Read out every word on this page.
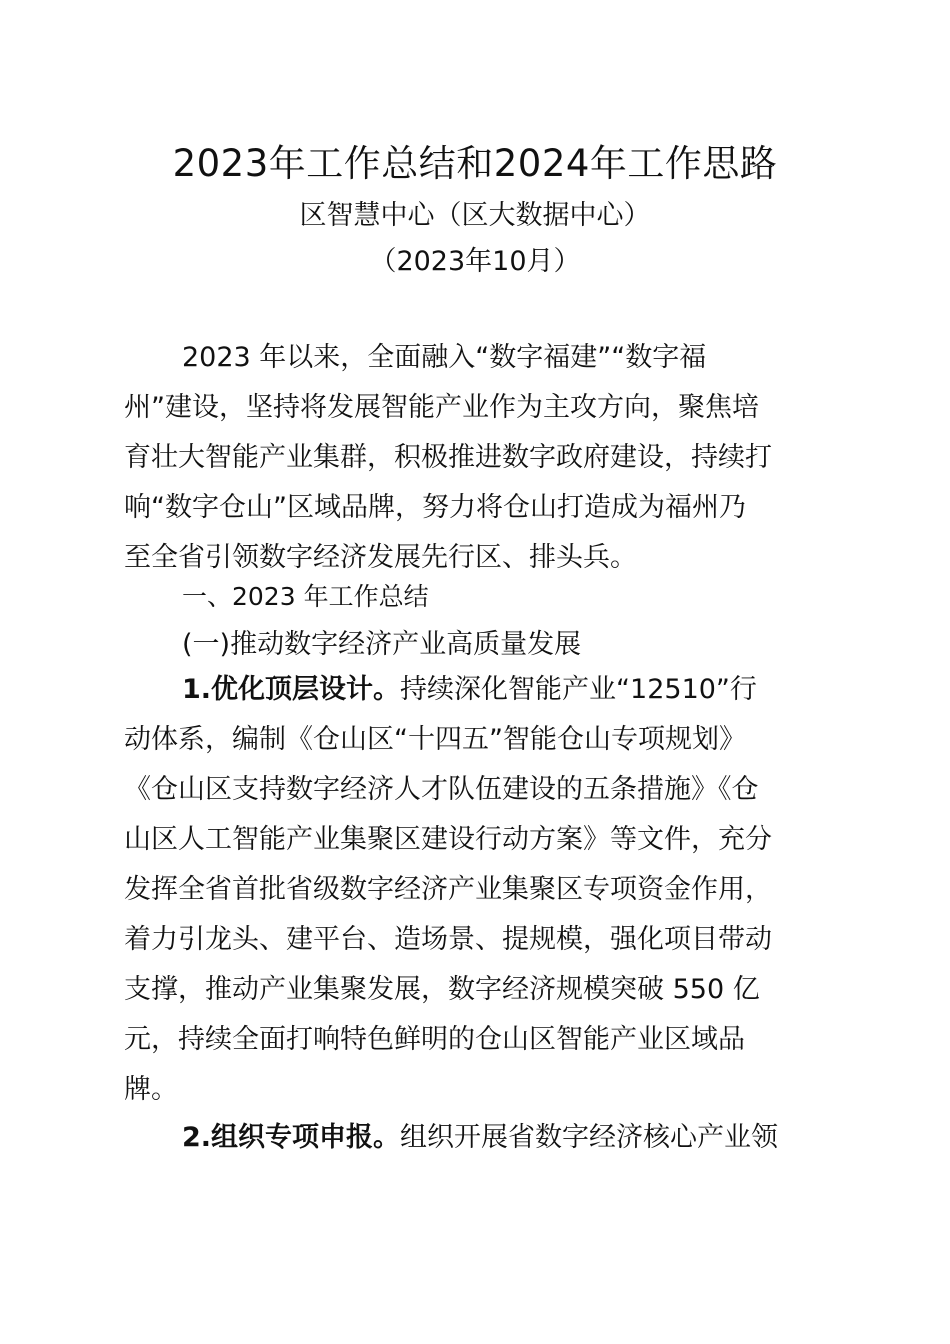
2023年工作总结和2024年工作思路
区智慧中心（区大数据中心）
（2023年10月）
2023 年以来，全面融入“数字福建”“数字福
州”建设，坚持将发展智能产业作为主攻方向，聚焦培
育壮大智能产业集群，积极推进数字政府建设，持续打
响“数字仓山”区域品牌，努力将仓山打造成为福州乃
至全省引领数字经济发展先行区、排头兵。
一、2023 年工作总结
(一)推动数字经济产业高质量发展
1.优化顶层设计。持续深化智能产业“12510”行
动体系，编制《仓山区“十四五”智能仓山专项规划》
《仓山区支持数字经济人才队伍建设的五条措施》《仓
山区人工智能产业集聚区建设行动方案》等文件，充分
发挥全省首批省级数字经济产业集聚区专项资金作用，
着力引龙头、建平台、造场景、提规模，强化项目带动
支撑，推动产业集聚发展，数字经济规模突破 550 亿
元，持续全面打响特色鲜明的仓山区智能产业区域品
牌。
2.组织专项申报。组织开展省数字经济核心产业领
